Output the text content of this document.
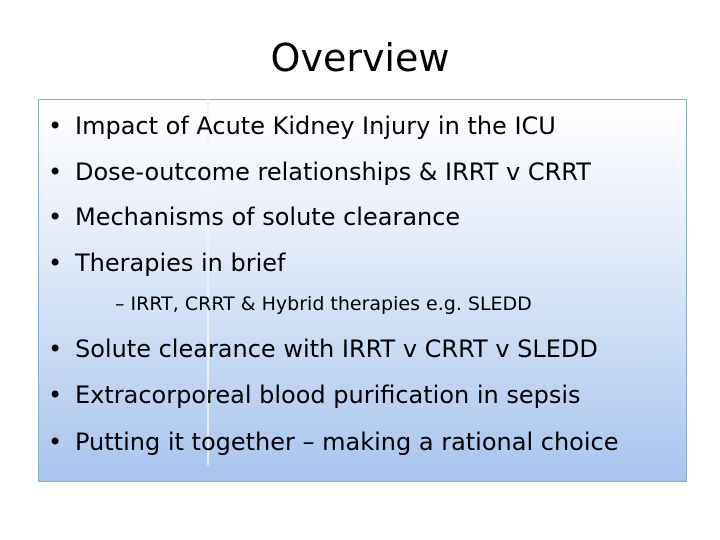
Overview
• Impact of Acute Kidney Injury in the ICU
• Dose-outcome relationships & IRRT v CRRT
• Mechanisms of solute clearance
• Therapies in brief
– IRRT, CRRT & Hybrid therapies e.g. SLEDD
• Solute clearance with IRRT v CRRT v SLEDD
• Extracorporeal blood purification in sepsis
• Putting it together – making a rational choice
